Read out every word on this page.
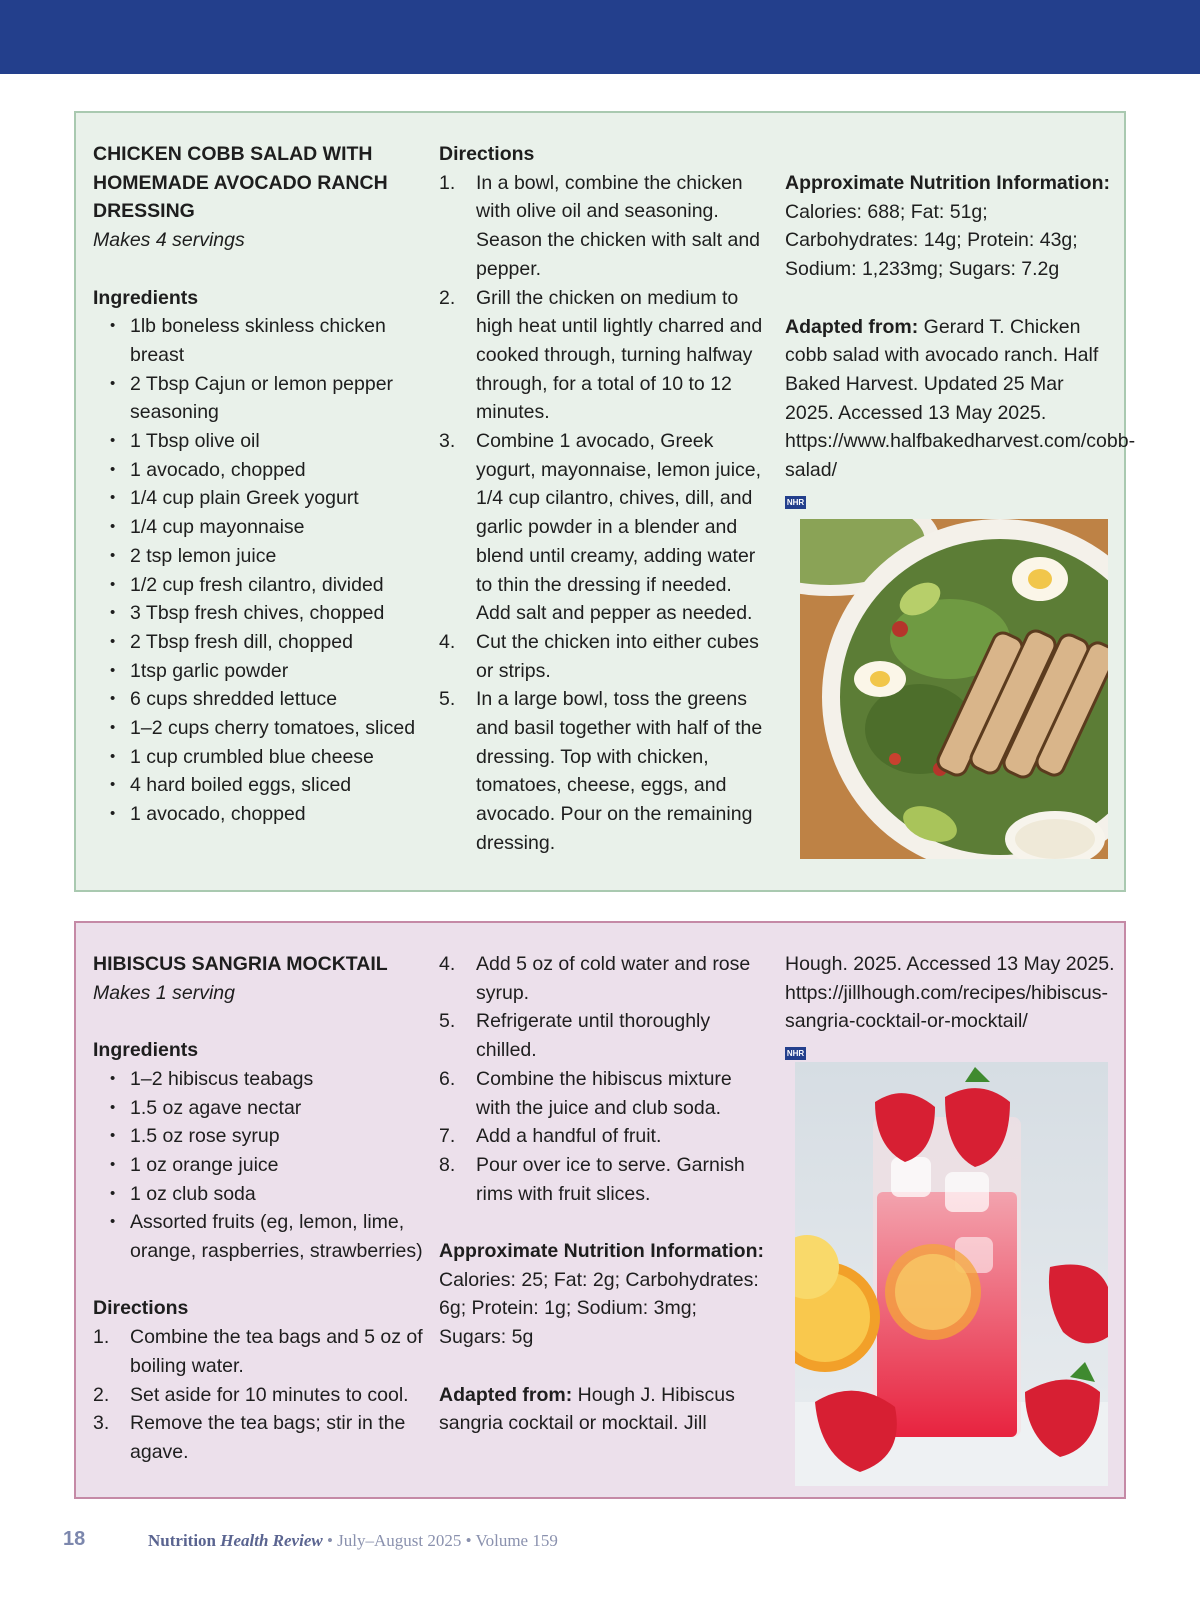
CHICKEN COBB SALAD WITH HOMEMADE AVOCADO RANCH DRESSING
Makes 4 servings
Ingredients
• 1lb boneless skinless chicken breast
• 2 Tbsp Cajun or lemon pepper seasoning
• 1 Tbsp olive oil
• 1 avocado, chopped
• 1/4 cup plain Greek yogurt
• 1/4 cup mayonnaise
• 2 tsp lemon juice
• 1/2 cup fresh cilantro, divided
• 3 Tbsp fresh chives, chopped
• 2 Tbsp fresh dill, chopped
• 1tsp garlic powder
• 6 cups shredded lettuce
• 1–2 cups cherry tomatoes, sliced
• 1 cup crumbled blue cheese
• 4 hard boiled eggs, sliced
• 1 avocado, chopped
Directions
1. In a bowl, combine the chicken with olive oil and seasoning. Season the chicken with salt and pepper.
2. Grill the chicken on medium to high heat until lightly charred and cooked through, turning halfway through, for a total of 10 to 12 minutes.
3. Combine 1 avocado, Greek yogurt, mayonnaise, lemon juice, 1/4 cup cilantro, chives, dill, and garlic powder in a blender and blend until creamy, adding water to thin the dressing if needed. Add salt and pepper as needed.
4. Cut the chicken into either cubes or strips.
5. In a large bowl, toss the greens and basil together with half of the dressing. Top with chicken, tomatoes, cheese, eggs, and avocado. Pour on the remaining dressing.
Approximate Nutrition Information:
Calories: 688; Fat: 51g; Carbohydrates: 14g; Protein: 43g; Sodium: 1,233mg; Sugars: 7.2g
Adapted from: Gerard T. Chicken cobb salad with avocado ranch. Half Baked Harvest. Updated 25 Mar 2025. Accessed 13 May 2025. https://www.halfbakedharvest.com/cobb-salad/
NHR
HIBISCUS SANGRIA MOCKTAIL
Makes 1 serving
Ingredients
• 1–2 hibiscus teabags
• 1.5 oz agave nectar
• 1.5 oz rose syrup
• 1 oz orange juice
• 1 oz club soda
• Assorted fruits (eg, lemon, lime, orange, raspberries, strawberries)
Directions
1. Combine the tea bags and 5 oz of boiling water.
2. Set aside for 10 minutes to cool.
3. Remove the tea bags; stir in the agave.
4. Add 5 oz of cold water and rose syrup.
5. Refrigerate until thoroughly chilled.
6. Combine the hibiscus mixture with the juice and club soda.
7. Add a handful of fruit.
8. Pour over ice to serve. Garnish rims with fruit slices.
Approximate Nutrition Information:
Calories: 25; Fat: 2g; Carbohydrates: 6g; Protein: 1g; Sodium: 3mg; Sugars: 5g
Adapted from: Hough J. Hibiscus sangria cocktail or mocktail. Jill
Hough. 2025. Accessed 13 May 2025. https://jillhough.com/recipes/hibiscus-sangria-cocktail-or-mocktail/
NHR
18	Nutrition Health Review • July–August 2025 • Volume 159
